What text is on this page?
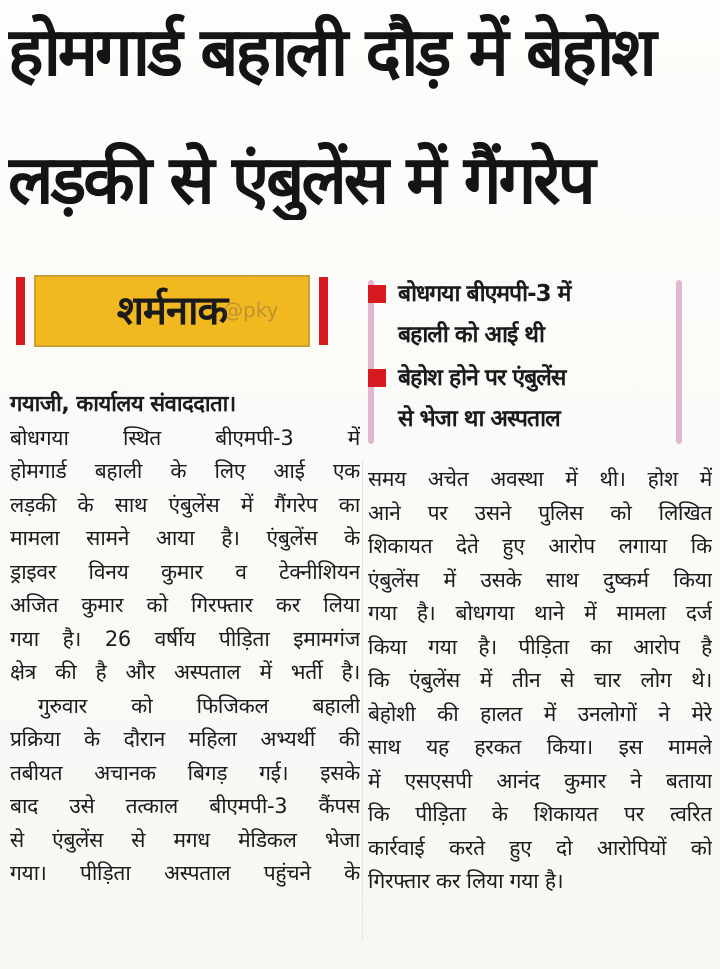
होमगार्ड बहाली दौड़ में बेहोश
लड़की से एंबुलेंस में गैंगरेप
शर्मनाक
@pky
बोधगया बीएमपी-3 में
बहाली को आई थी
बेहोश होने पर एंबुलेंस
से भेजा था अस्पताल
गयाजी, कार्यालय संवाददाता।
बोधगया स्थित बीएमपी-3 में
होमगार्ड बहाली के लिए आई एक
लड़की के साथ एंबुलेंस में गैंगरेप का
मामला सामने आया है। एंबुलेंस के
ड्राइवर विनय कुमार व टेक्नीशियन
अजित कुमार को गिरफ्तार कर लिया
गया है। 26 वर्षीय पीड़िता इमामगंज
क्षेत्र की है और अस्पताल में भर्ती है।
गुरुवार को फिजिकल बहाली
प्रक्रिया के दौरान महिला अभ्यर्थी की
तबीयत अचानक बिगड़ गई। इसके
बाद उसे तत्काल बीएमपी-3 कैंपस
से एंबुलेंस से मगध मेडिकल भेजा
गया। पीड़िता अस्पताल पहुंचने के
समय अचेत अवस्था में थी। होश में
आने पर उसने पुलिस को लिखित
शिकायत देते हुए आरोप लगाया कि
एंबुलेंस में उसके साथ दुष्कर्म किया
गया है। बोधगया थाने में मामला दर्ज
किया गया है। पीड़िता का आरोप है
कि एंबुलेंस में तीन से चार लोग थे।
बेहोशी की हालत में उनलोगों ने मेरे
साथ यह हरकत किया। इस मामले
में एसएसपी आनंद कुमार ने बताया
कि पीड़िता के शिकायत पर त्वरित
कार्रवाई करते हुए दो आरोपियों को
गिरफ्तार कर लिया गया है।
